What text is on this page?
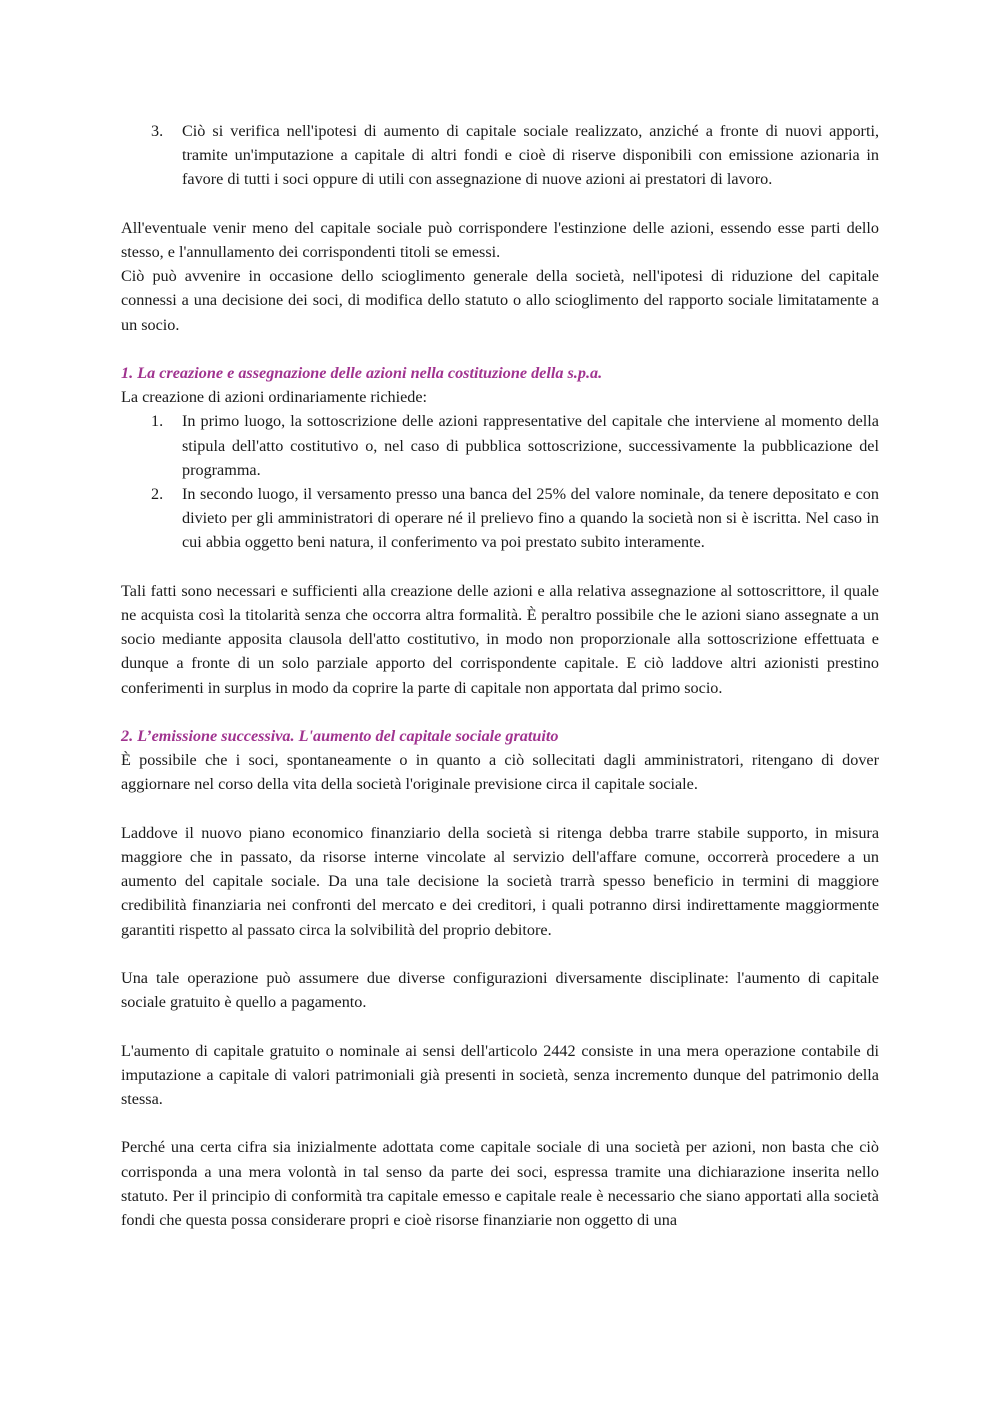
3. Ciò si verifica nell'ipotesi di aumento di capitale sociale realizzato, anziché a fronte di nuovi apporti, tramite un'imputazione a capitale di altri fondi e cioè di riserve disponibili con emissione azionaria in favore di tutti i soci oppure di utili con assegnazione di nuove azioni ai prestatori di lavoro.

All'eventuale venir meno del capitale sociale può corrispondere l'estinzione delle azioni, essendo esse parti dello stesso, e l'annullamento dei corrispondenti titoli se emessi.

Ciò può avvenire in occasione dello scioglimento generale della società, nell'ipotesi di riduzione del capitale connessi a una decisione dei soci, di modifica dello statuto o allo scioglimento del rapporto sociale limitatamente a un socio.

1. La creazione e assegnazione delle azioni nella costituzione della s.p.a.

La creazione di azioni ordinariamente richiede:

1. In primo luogo, la sottoscrizione delle azioni rappresentative del capitale che interviene al momento della stipula dell'atto costitutivo o, nel caso di pubblica sottoscrizione, successivamente la pubblicazione del programma.
2. In secondo luogo, il versamento presso una banca del 25% del valore nominale, da tenere depositato e con divieto per gli amministratori di operare né il prelievo fino a quando la società non si è iscritta. Nel caso in cui abbia oggetto beni natura, il conferimento va poi prestato subito interamente.

Tali fatti sono necessari e sufficienti alla creazione delle azioni e alla relativa assegnazione al sottoscrittore, il quale ne acquista così la titolarità senza che occorra altra formalità. È peraltro possibile che le azioni siano assegnate a un socio mediante apposita clausola dell'atto costitutivo, in modo non proporzionale alla sottoscrizione effettuata e dunque a fronte di un solo parziale apporto del corrispondente capitale. E ciò laddove altri azionisti prestino conferimenti in surplus in modo da coprire la parte di capitale non apportata dal primo socio.

2. L’emissione successiva. L'aumento del capitale sociale gratuito

È possibile che i soci, spontaneamente o in quanto a ciò sollecitati dagli amministratori, ritengano di dover aggiornare nel corso della vita della società l'originale previsione circa il capitale sociale.

Laddove il nuovo piano economico finanziario della società si ritenga debba trarre stabile supporto, in misura maggiore che in passato, da risorse interne vincolate al servizio dell'affare comune, occorrerà procedere a un aumento del capitale sociale. Da una tale decisione la società trarrà spesso beneficio in termini di maggiore credibilità finanziaria nei confronti del mercato e dei creditori, i quali potranno dirsi indirettamente maggiormente garantiti rispetto al passato circa la solvibilità del proprio debitore.

Una tale operazione può assumere due diverse configurazioni diversamente disciplinate: l'aumento di capitale sociale gratuito è quello a pagamento.

L'aumento di capitale gratuito o nominale ai sensi dell'articolo 2442 consiste in una mera operazione contabile di imputazione a capitale di valori patrimoniali già presenti in società, senza incremento dunque del patrimonio della stessa.

Perché una certa cifra sia inizialmente adottata come capitale sociale di una società per azioni, non basta che ciò corrisponda a una mera volontà in tal senso da parte dei soci, espressa tramite una dichiarazione inserita nello statuto. Per il principio di conformità tra capitale emesso e capitale reale è necessario che siano apportati alla società fondi che questa possa considerare propri e cioè risorse finanziarie non oggetto di una
